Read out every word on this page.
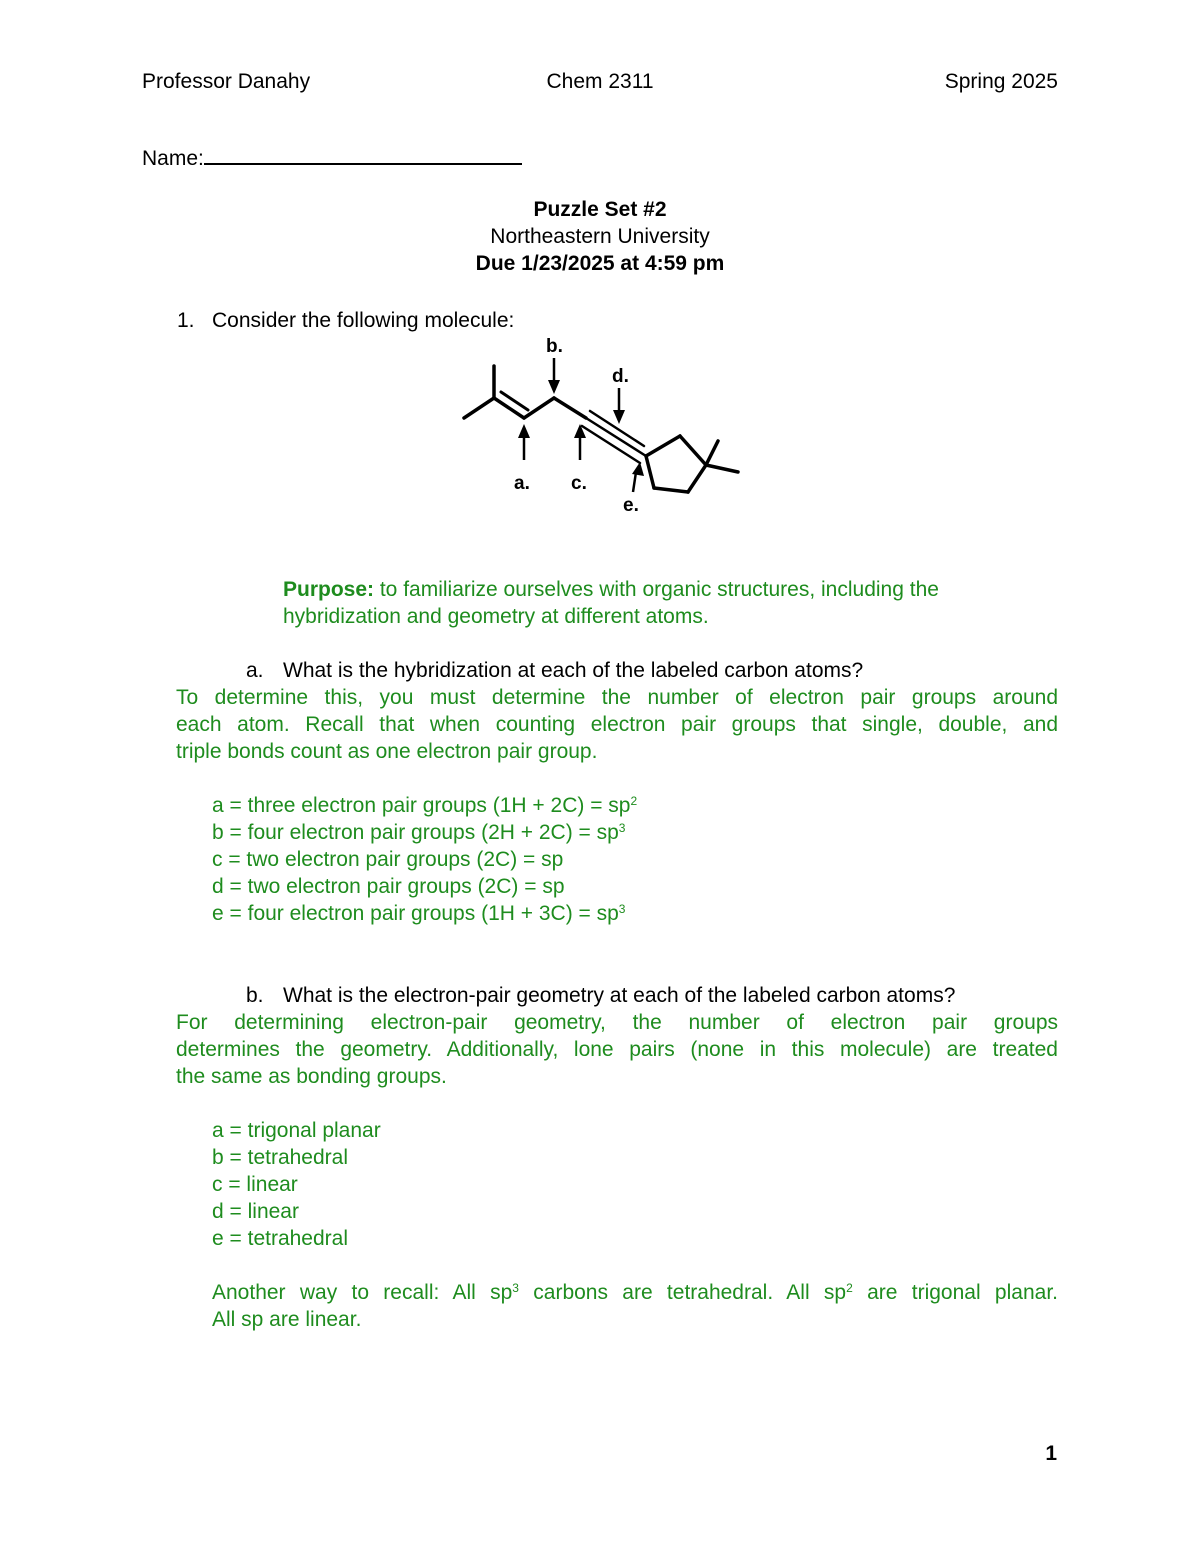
Professor Danahy	Chem 2311	Spring 2025
Name:
Puzzle Set #2
Northeastern University
Due 1/23/2025 at 4:59 pm
1. Consider the following molecule:
b.
d.
a. c.
e.
Purpose: to familiarize ourselves with organic structures, including the
hybridization and geometry at different atoms.
a. What is the hybridization at each of the labeled carbon atoms?
To determine this, you must determine the number of electron pair groups around
each atom. Recall that when counting electron pair groups that single, double, and
triple bonds count as one electron pair group.
a = three electron pair groups $(1H + 2C) = sp^2$
b = four electron pair groups $(2H + 2C) = sp^3$
c = two electron pair groups (2C) = sp
d = two electron pair groups (2C) = sp
e = four electron pair groups $(1H + 3C) = sp^3$
b. What is the electron-pair geometry at each of the labeled carbon atoms?
For determining electron-pair geometry, the number of electron pair groups
determines the geometry. Additionally, lone pairs (none in this molecule) are treated
the same as bonding groups.
a = trigonal planar
b = tetrahedral
c = linear
d = linear
e = tetrahedral
Another way to recall: All $sp^3$ carbons are tetrahedral. All $sp^2$ are trigonal planar.
All sp are linear.
1
